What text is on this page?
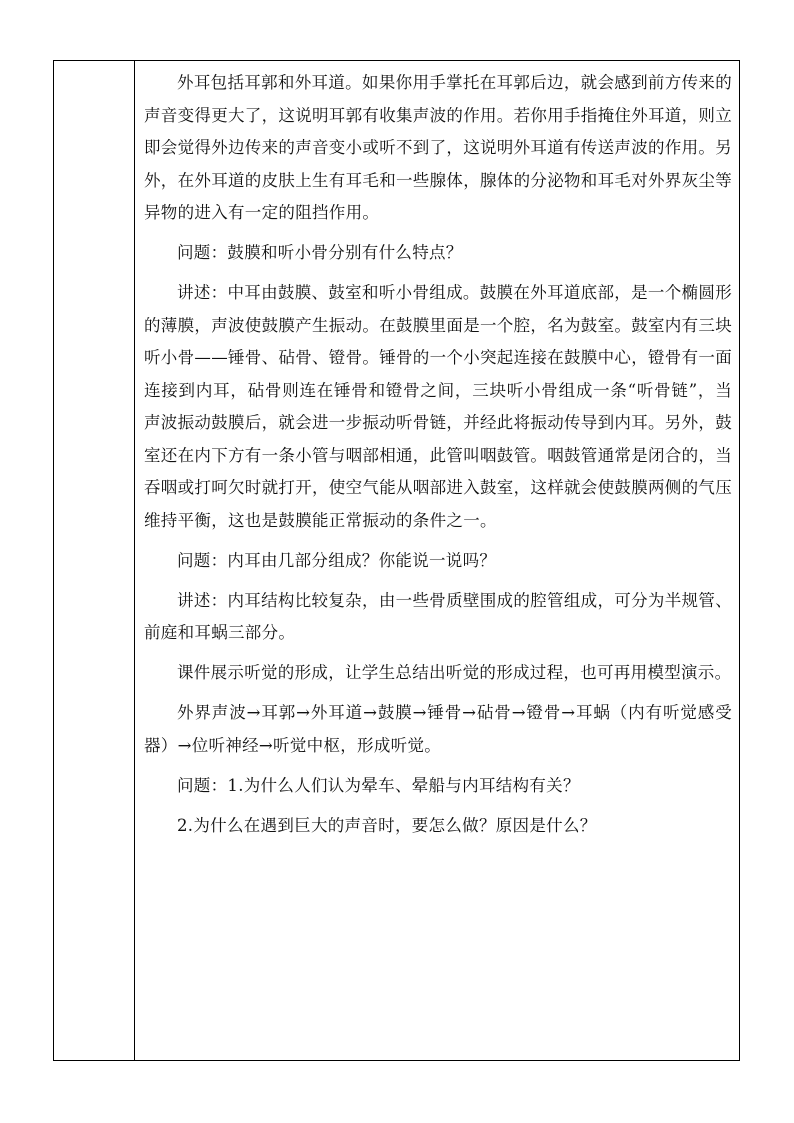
外耳包括耳郭和外耳道。如果你用手掌托在耳郭后边，就会感到前方传来的声音变得更大了，这说明耳郭有收集声波的作用。若你用手指掩住外耳道，则立即会觉得外边传来的声音变小或听不到了，这说明外耳道有传送声波的作用。另外，在外耳道的皮肤上生有耳毛和一些腺体，腺体的分泌物和耳毛对外界灰尘等异物的进入有一定的阻挡作用。

问题：鼓膜和听小骨分别有什么特点？

讲述：中耳由鼓膜、鼓室和听小骨组成。鼓膜在外耳道底部，是一个椭圆形的薄膜，声波使鼓膜产生振动。在鼓膜里面是一个腔，名为鼓室。鼓室内有三块听小骨——锤骨、砧骨、镫骨。锤骨的一个小突起连接在鼓膜中心，镫骨有一面连接到内耳，砧骨则连在锤骨和镫骨之间，三块听小骨组成一条“听骨链”，当声波振动鼓膜后，就会进一步振动听骨链，并经此将振动传导到内耳。另外，鼓室还在内下方有一条小管与咽部相通，此管叫咽鼓管。咽鼓管通常是闭合的，当吞咽或打呵欠时就打开，使空气能从咽部进入鼓室，这样就会使鼓膜两侧的气压维持平衡，这也是鼓膜能正常振动的条件之一。

问题：内耳由几部分组成？你能说一说吗？

讲述：内耳结构比较复杂，由一些骨质壁围成的腔管组成，可分为半规管、前庭和耳蜗三部分。

课件展示听觉的形成，让学生总结出听觉的形成过程，也可再用模型演示。

外界声波→耳郭→外耳道→鼓膜→锤骨→砧骨→镫骨→耳蜗（内有听觉感受器）→位听神经→听觉中枢，形成听觉。

问题：1.为什么人们认为晕车、晕船与内耳结构有关？

2.为什么在遇到巨大的声音时，要怎么做？原因是什么？
